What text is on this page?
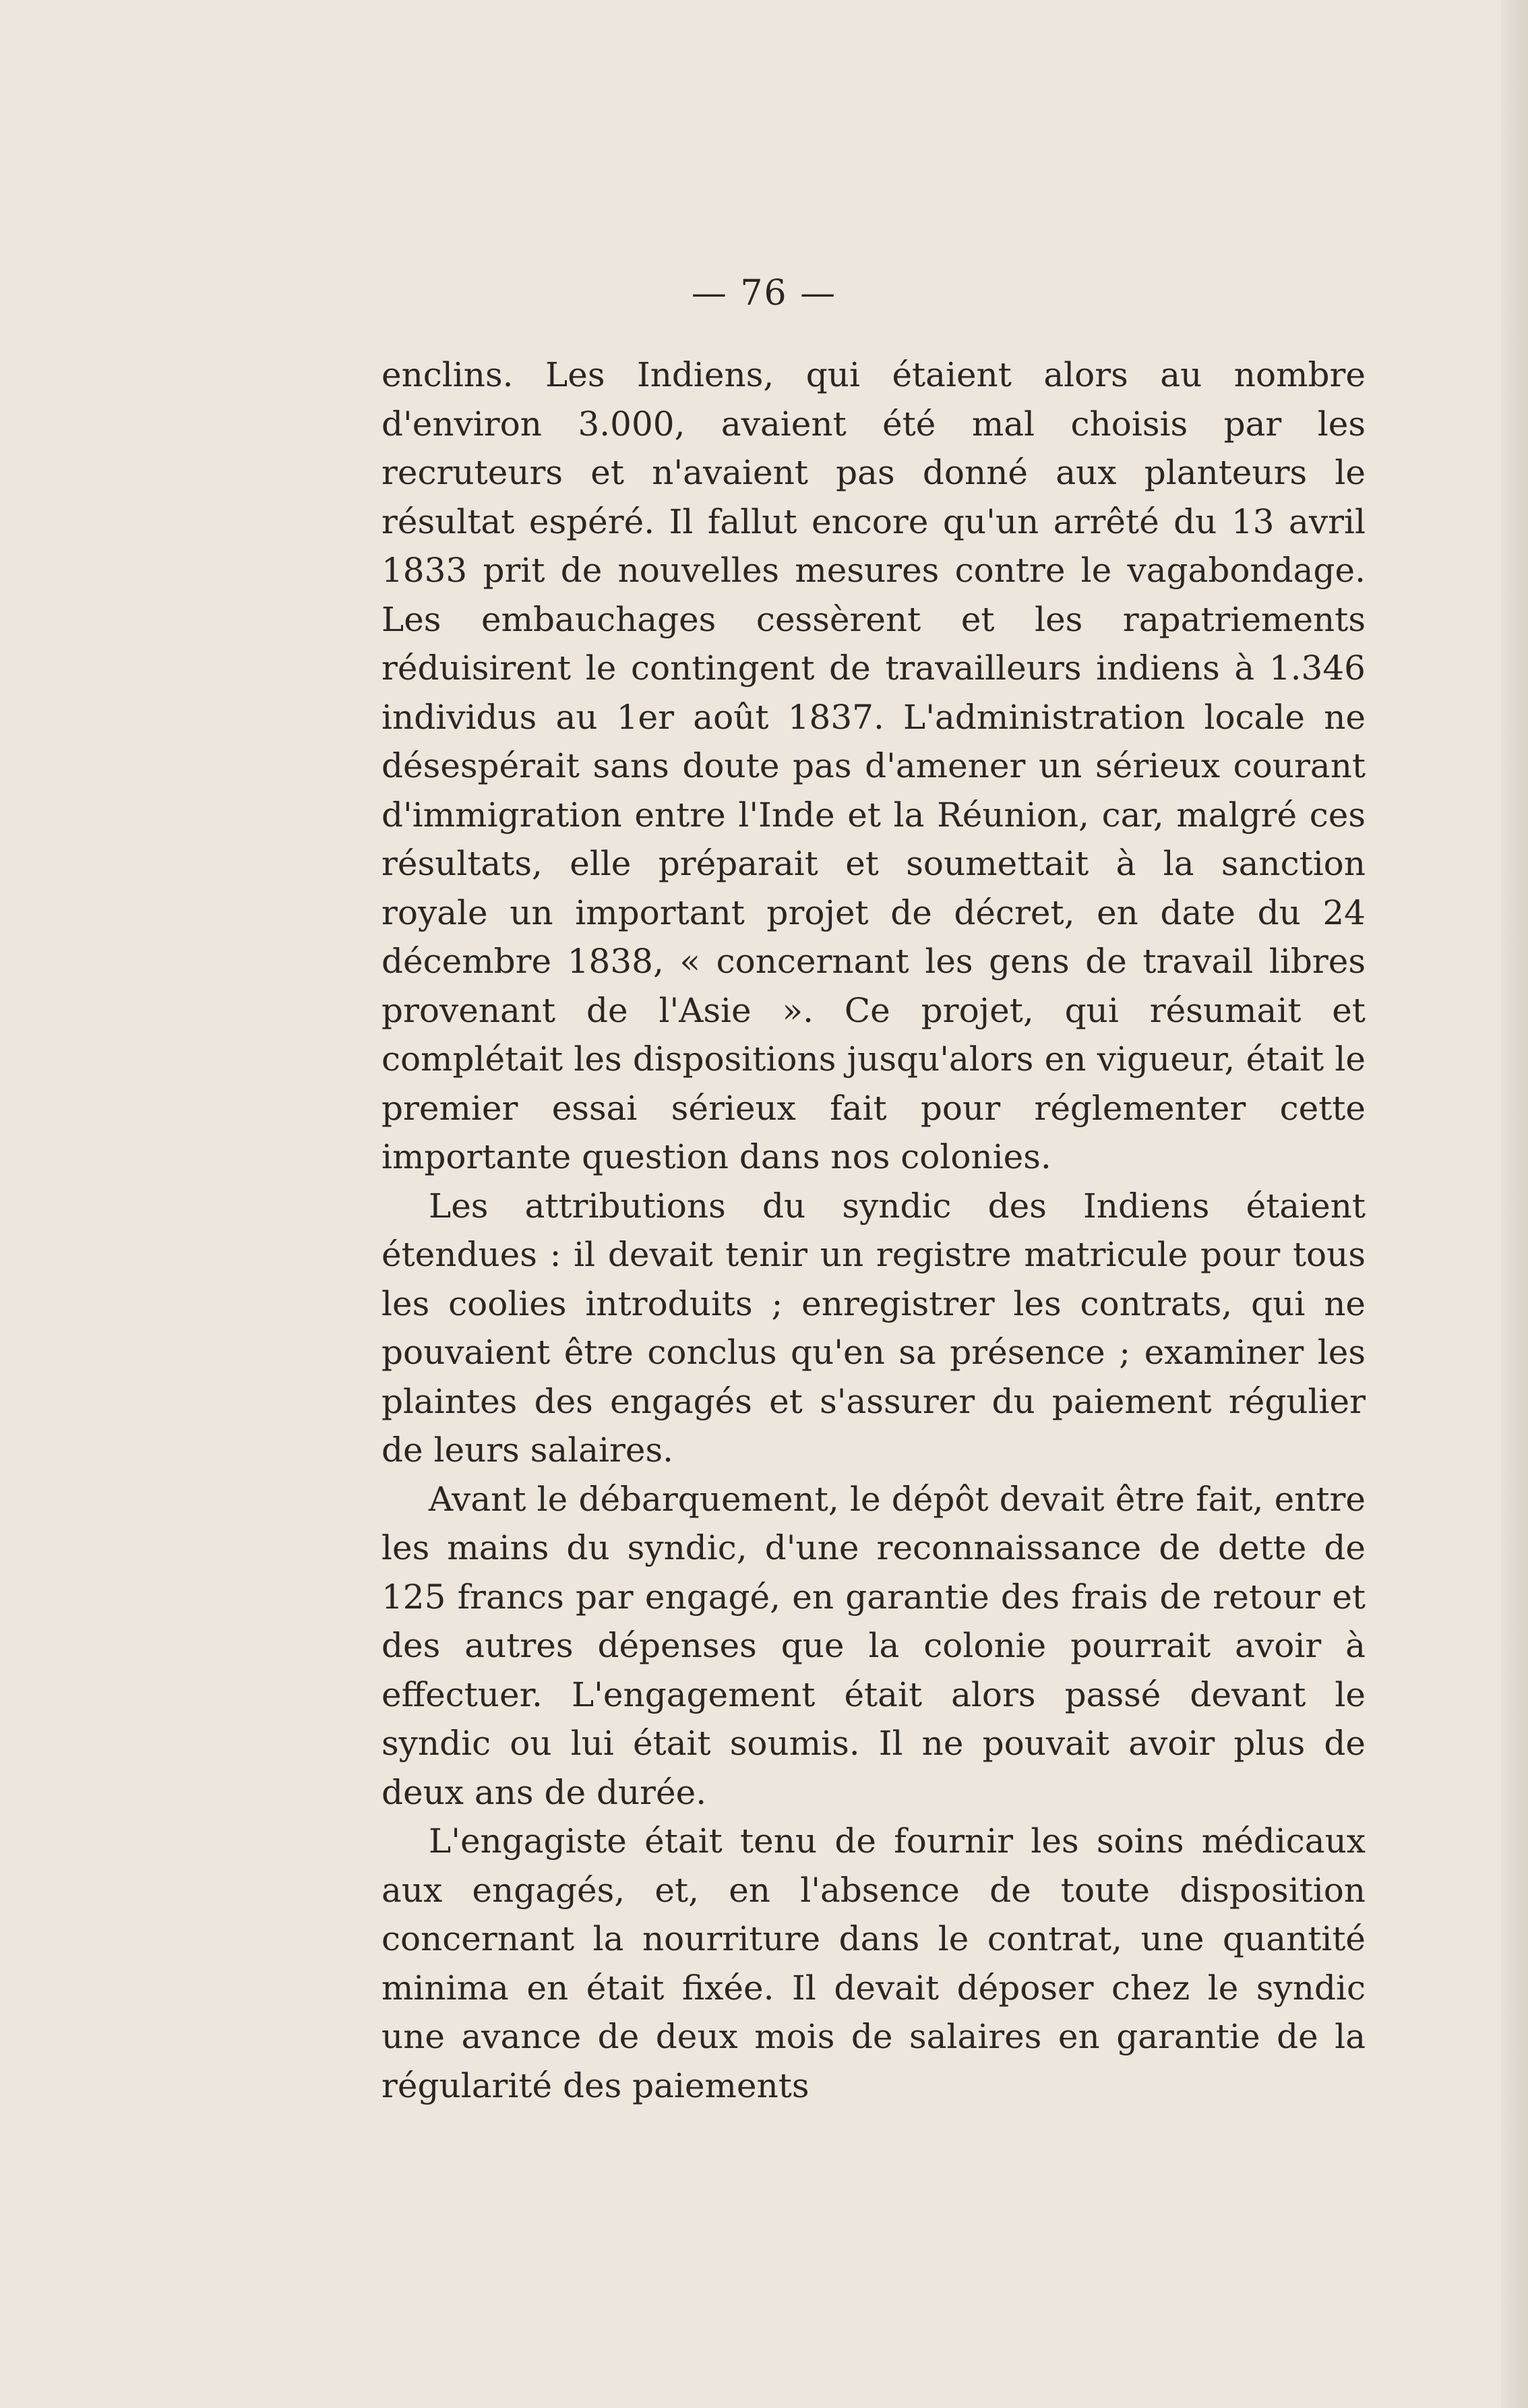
— 76 —

enclins. Les Indiens, qui étaient alors au nombre d'environ 3.000, avaient été mal choisis par les recruteurs et n'avaient pas donné aux planteurs le résultat espéré. Il fallut encore qu'un arrêté du 13 avril 1833 prit de nouvelles mesures contre le vagabondage. Les embauchages cessèrent et les rapatriements réduisirent le contingent de travailleurs indiens à 1.346 individus au 1er août 1837. L'administration locale ne désespérait sans doute pas d'amener un sérieux courant d'immigration entre l'Inde et la Réunion, car, malgré ces résultats, elle préparait et soumettait à la sanction royale un important projet de décret, en date du 24 décembre 1838, « concernant les gens de travail libres provenant de l'Asie ». Ce projet, qui résumait et complétait les dispositions jusqu'alors en vigueur, était le premier essai sérieux fait pour réglementer cette importante question dans nos colonies.

Les attributions du syndic des Indiens étaient étendues : il devait tenir un registre matricule pour tous les coolies introduits ; enregistrer les contrats, qui ne pouvaient être conclus qu'en sa présence ; examiner les plaintes des engagés et s'assurer du paiement régulier de leurs salaires.

Avant le débarquement, le dépôt devait être fait, entre les mains du syndic, d'une reconnaissance de dette de 125 francs par engagé, en garantie des frais de retour et des autres dépenses que la colonie pourrait avoir à effectuer. L'engagement était alors passé devant le syndic ou lui était soumis. Il ne pouvait avoir plus de deux ans de durée.

L'engagiste était tenu de fournir les soins médicaux aux engagés, et, en l'absence de toute disposition concernant la nourriture dans le contrat, une quantité minima en était fixée. Il devait déposer chez le syndic une avance de deux mois de salaires en garantie de la régularité des paiements
